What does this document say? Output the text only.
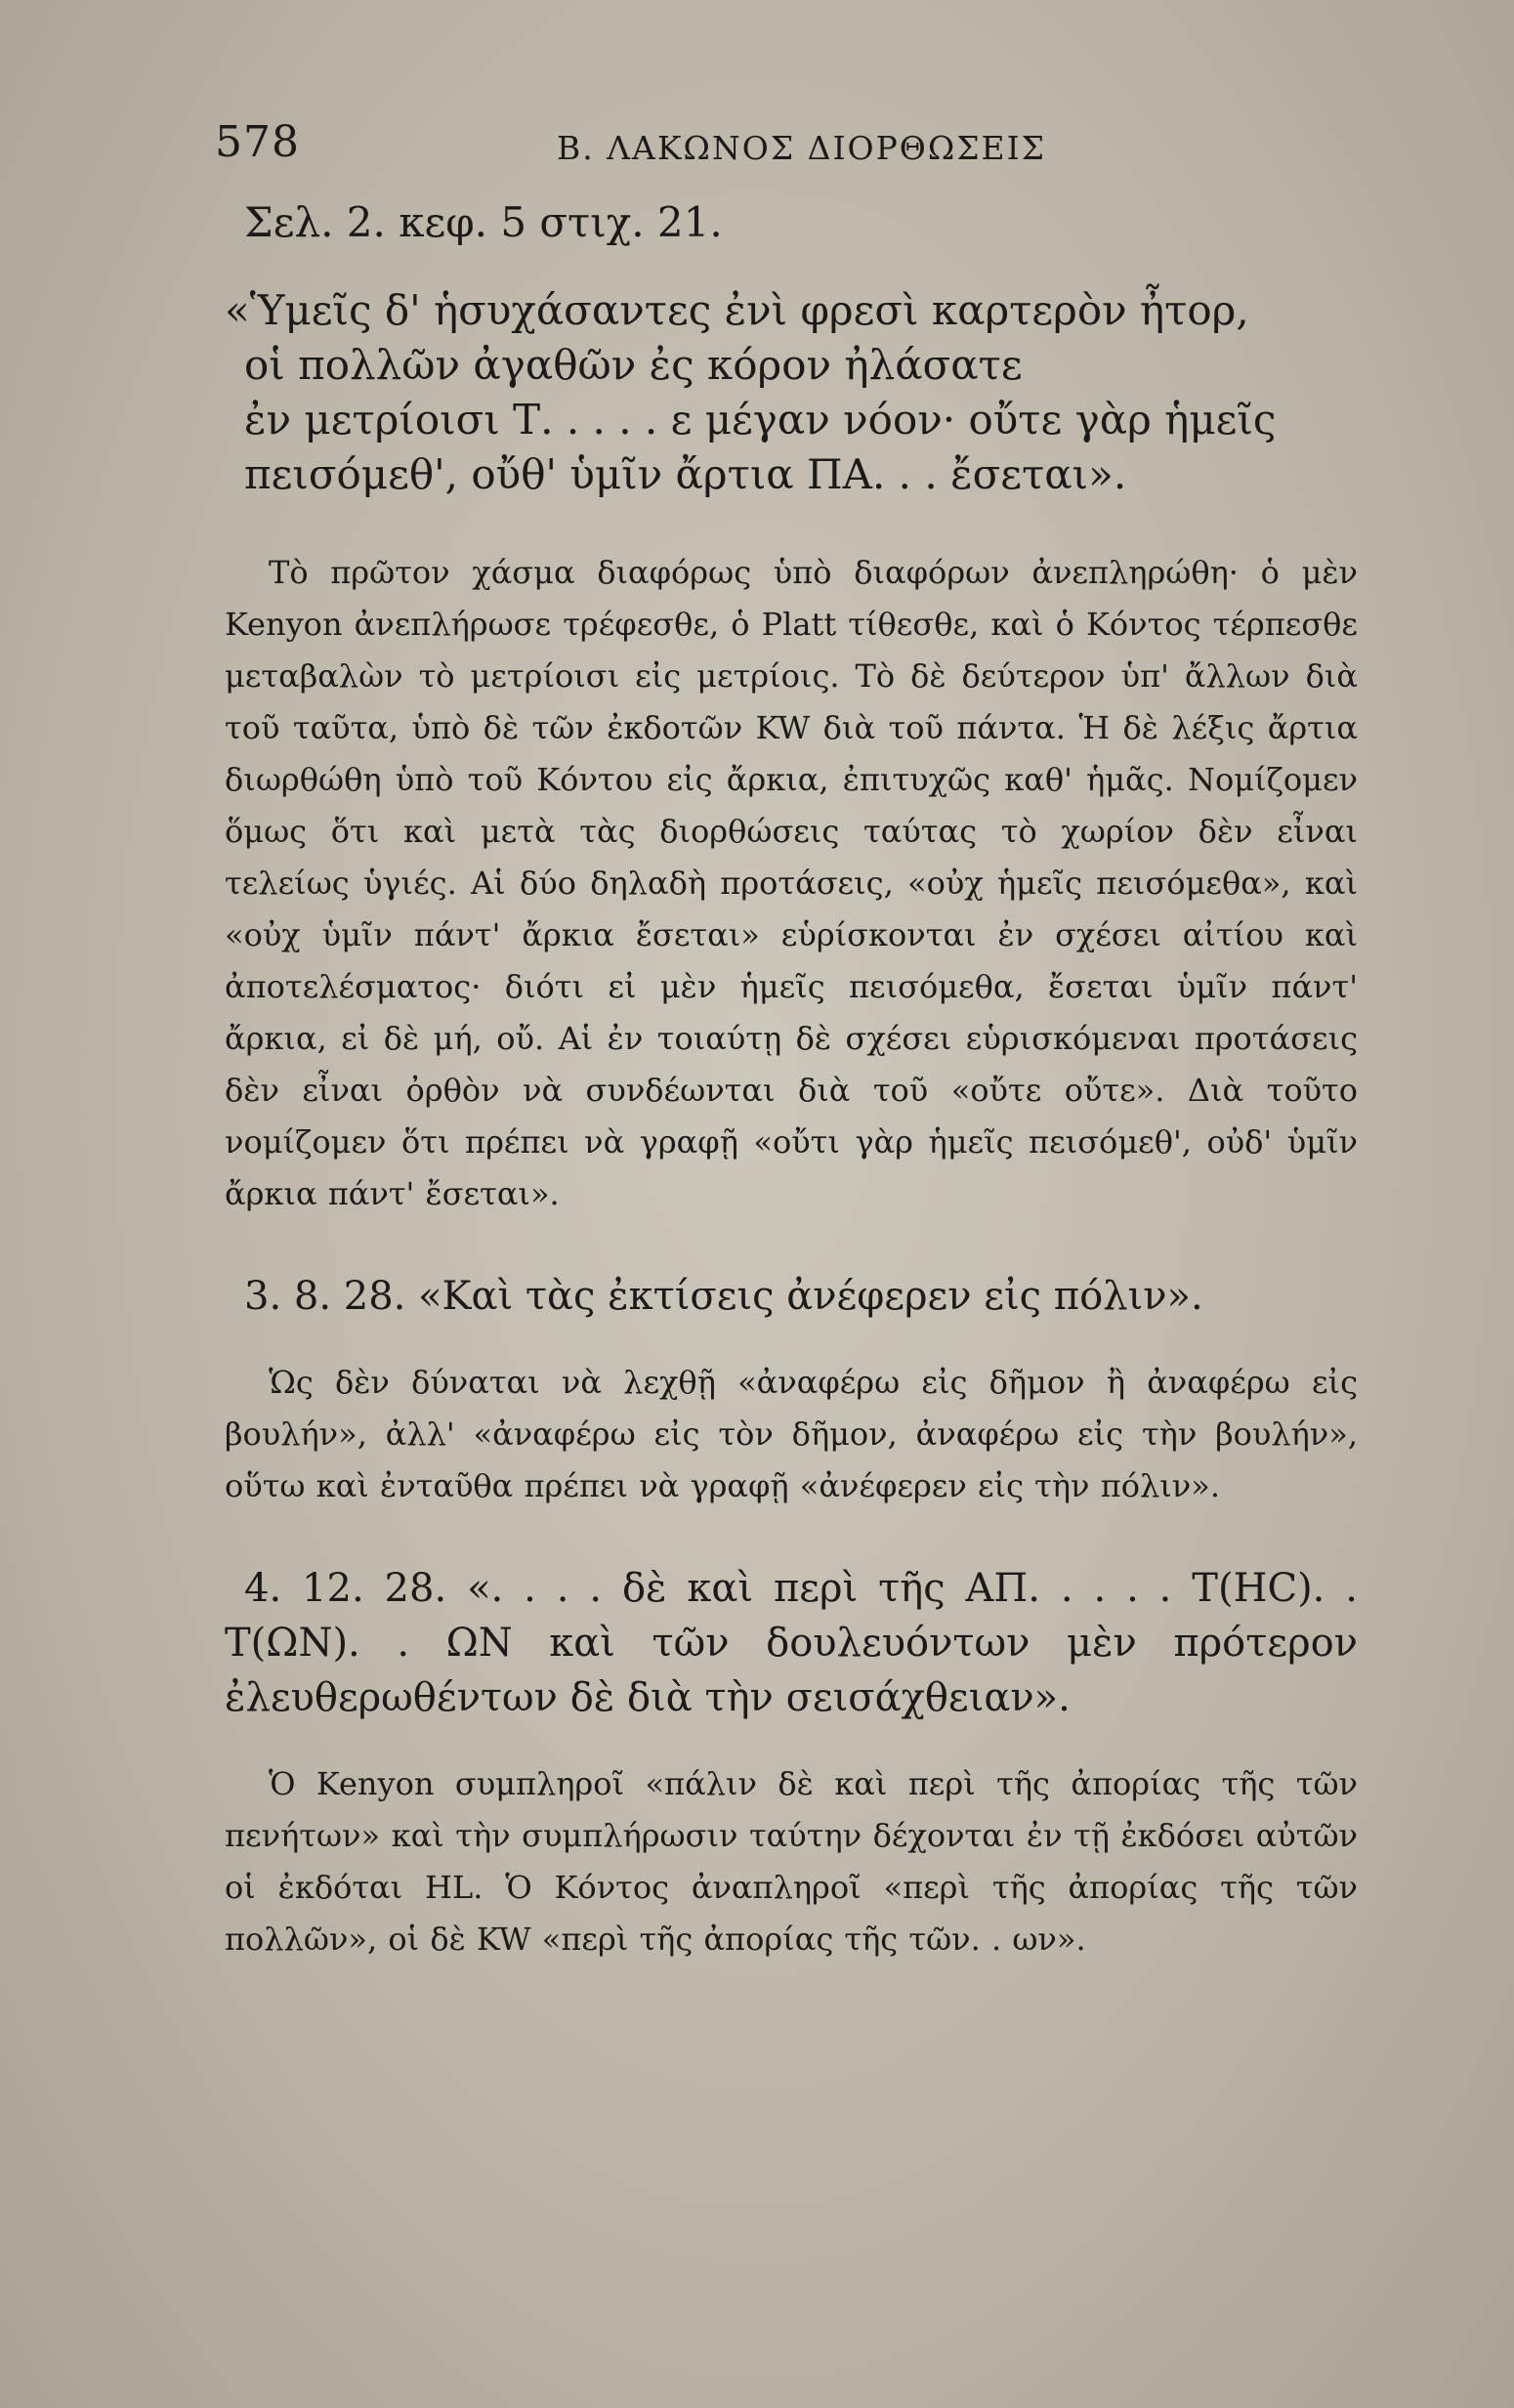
578	Β. ΛΑΚΩΝΟΣ ΔΙΟΡΘΩΣΕΙΣ
Σελ. 2. κεφ. 5 στιχ. 21.
«Ὑμεῖς δ' ἡσυχάσαντες ἐνὶ φρεσὶ καρτερὸν ἦτορ,
οἱ πολλῶν ἀγαθῶν ἐς κόρον ἠλάσατε
ἐν μετρίοισι Τ. . . . . ε μέγαν νόον· οὔτε γὰρ ἡμεῖς
πεισόμεθ', οὔθ' ὑμῖν ἄρτια ΠΑ. . . ἔσεται».

Τὸ πρῶτον χάσμα διαφόρως ὑπὸ διαφόρων ἀνεπληρώθη· ὁ μὲν Kenyon ἀνεπλήρωσε τρέφεσθε, ὁ Platt τίθεσθε, καὶ ὁ Κόντος τέρπεσθε μεταβαλὼν τὸ μετρίοισι εἰς μετρίοις. Τὸ δὲ δεύτερον ὑπ' ἄλλων διὰ τοῦ ταῦτα, ὑπὸ δὲ τῶν ἐκδοτῶν KW διὰ τοῦ πάντα. Ἡ δὲ λέξις ἄρτια διωρθώθη ὑπὸ τοῦ Κόντου εἰς ἄρκια, ἐπιτυχῶς καθ' ἡμᾶς. Νομίζομεν ὅμως ὅτι καὶ μετὰ τὰς διορθώσεις ταύτας τὸ χωρίον δὲν εἶναι τελείως ὑγιές. Αἱ δύο δηλαδὴ προτάσεις, «οὐχ ἡμεῖς πεισόμεθα», καὶ «οὐχ ὑμῖν πάντ' ἄρκια ἔσεται» εὑρίσκονται ἐν σχέσει αἰτίου καὶ ἀποτελέσματος· διότι εἰ μὲν ἡμεῖς πεισόμεθα, ἔσεται ὑμῖν πάντ' ἄρκια, εἰ δὲ μή, οὔ. Αἱ ἐν τοιαύτῃ δὲ σχέσει εὑρισκόμεναι προτάσεις δὲν εἶναι ὀρθὸν νὰ συνδέωνται διὰ τοῦ «οὔτε οὔτε». Διὰ τοῦτο νομίζομεν ὅτι πρέπει νὰ γραφῇ «οὔτι γὰρ ἡμεῖς πεισόμεθ', οὐδ' ὑμῖν ἄρκια πάντ' ἔσεται».

3. 8. 28. «Καὶ τὰς ἐκτίσεις ἀνέφερεν εἰς πόλιν».

Ὡς δὲν δύναται νὰ λεχθῇ «ἀναφέρω εἰς δῆμον ἢ ἀναφέρω εἰς βουλήν», ἀλλ' «ἀναφέρω εἰς τὸν δῆμον, ἀναφέρω εἰς τὴν βουλήν», οὕτω καὶ ἐνταῦθα πρέπει νὰ γραφῇ «ἀνέφερεν εἰς τὴν πόλιν».

4. 12. 28. «. . . . δὲ καὶ περὶ τῆς ΑΠ. . . . . Τ(ΗC). . Τ(ΩΝ). . ΩΝ καὶ τῶν δουλευόντων μὲν πρότερον ἐλευθερωθέντων δὲ διὰ τὴν σεισάχθειαν».

Ὁ Kenyon συμπληροῖ «πάλιν δὲ καὶ περὶ τῆς ἀπορίας τῆς τῶν πενήτων» καὶ τὴν συμπλήρωσιν ταύτην δέχονται ἐν τῇ ἐκδόσει αὐτῶν οἱ ἐκδόται HL. Ὁ Κόντος ἀναπληροῖ «περὶ τῆς ἀπορίας τῆς τῶν πολλῶν», οἱ δὲ KW «περὶ τῆς ἀπορίας τῆς τῶν. . ων».
